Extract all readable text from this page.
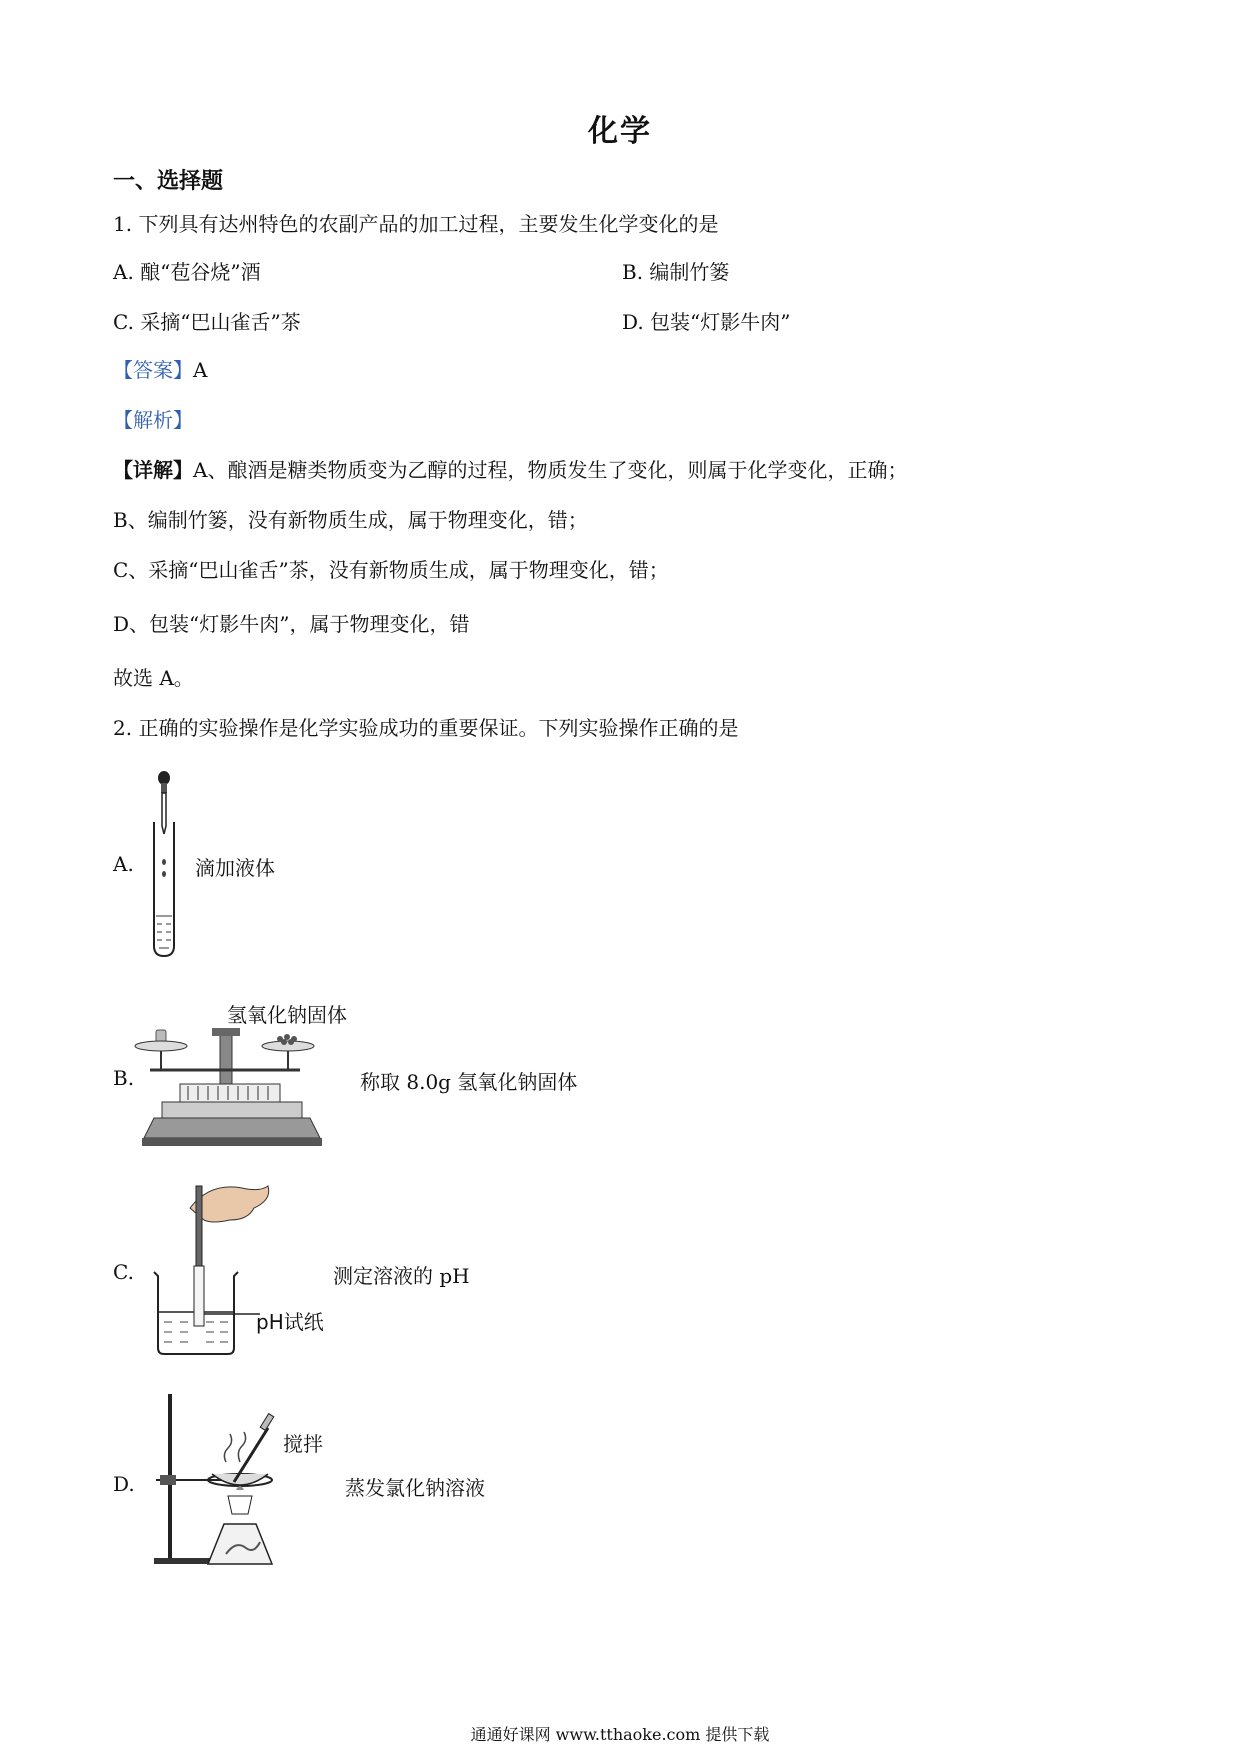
化学
一、选择题
1. 下列具有达州特色的农副产品的加工过程，主要发生化学变化的是
A. 酿“苞谷烧”酒	B. 编制竹篓
C. 采摘“巴山雀舌”茶	D. 包装“灯影牛肉”
【答案】A
【解析】
【详解】A、酿酒是糖类物质变为乙醇的过程，物质发生了变化，则属于化学变化，正确；
B、编制竹篓，没有新物质生成，属于物理变化，错；
C、采摘“巴山雀舌”茶，没有新物质生成，属于物理变化，错；
D、包装“灯影牛肉”，属于物理变化，错
故选 A。
2. 正确的实验操作是化学实验成功的重要保证。下列实验操作正确的是
A.	滴加液体
氢氧化钠固体
B.	称取 8.0g 氢氧化钠固体
C.
pH试纸
测定溶液的 pH
D.
搅拌
蒸发氯化钠溶液
通通好课网 www.tthaoke.com 提供下载
